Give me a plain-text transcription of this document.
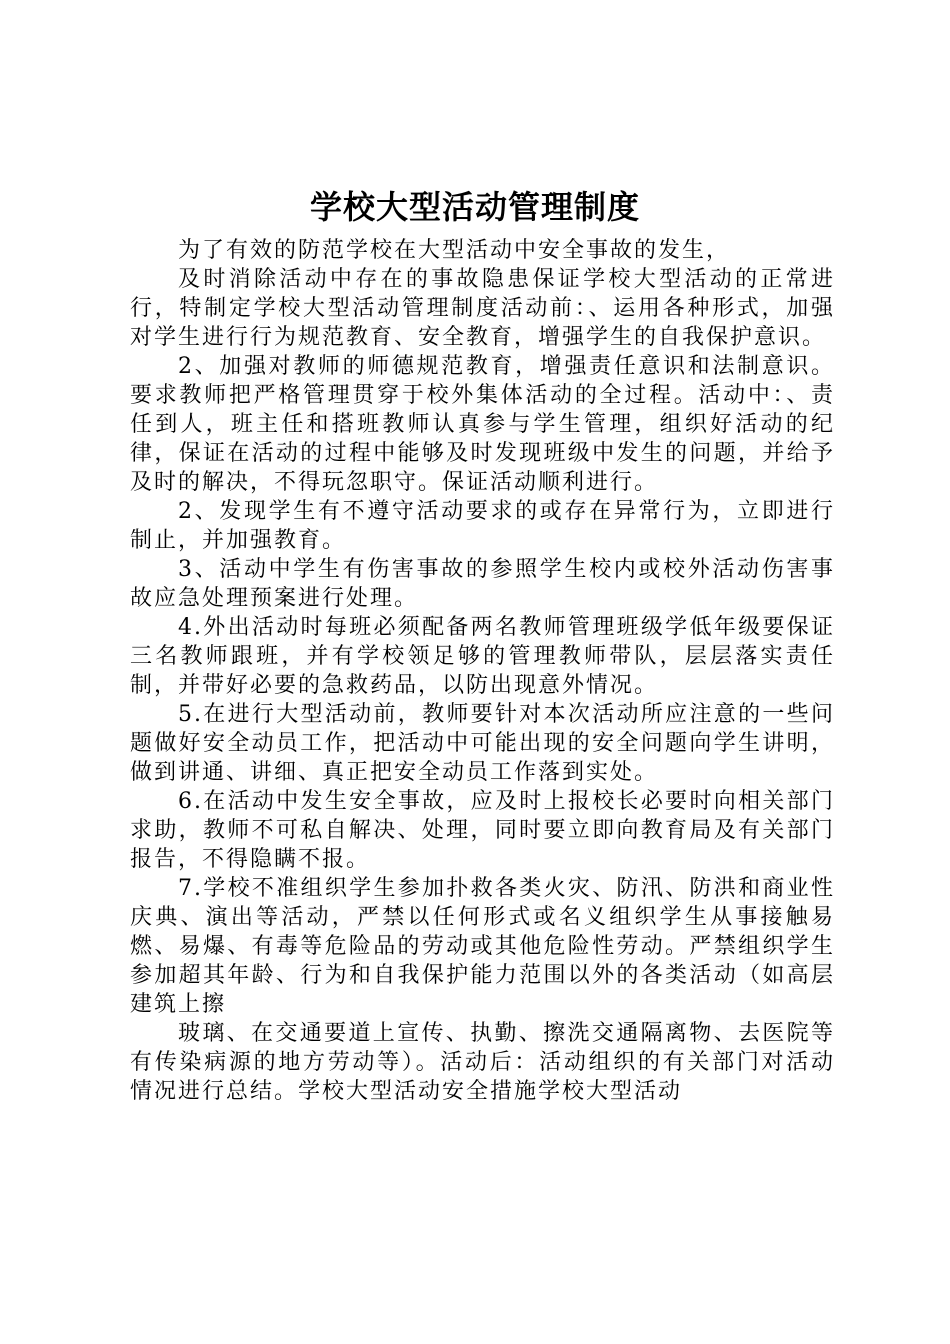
学校大型活动管理制度

为了有效的防范学校在大型活动中安全事故的发生，

及时消除活动中存在的事故隐患保证学校大型活动的正常进行，特制定学校大型活动管理制度活动前：、运用各种形式，加强对学生进行行为规范教育、安全教育，增强学生的自我保护意识。

2、加强对教师的师德规范教育，增强责任意识和法制意识。要求教师把严格管理贯穿于校外集体活动的全过程。活动中：、责任到人，班主任和搭班教师认真参与学生管理，组织好活动的纪律，保证在活动的过程中能够及时发现班级中发生的问题，并给予及时的解决，不得玩忽职守。保证活动顺利进行。

2、发现学生有不遵守活动要求的或存在异常行为，立即进行制止，并加强教育。

3、活动中学生有伤害事故的参照学生校内或校外活动伤害事故应急处理预案进行处理。

4.外出活动时每班必须配备两名教师管理班级学低年级要保证三名教师跟班，并有学校领足够的管理教师带队，层层落实责任制，并带好必要的急救药品，以防出现意外情况。

5.在进行大型活动前，教师要针对本次活动所应注意的一些问题做好安全动员工作，把活动中可能出现的安全问题向学生讲明，做到讲通、讲细、真正把安全动员工作落到实处。

6.在活动中发生安全事故，应及时上报校长必要时向相关部门求助，教师不可私自解决、处理，同时要立即向教育局及有关部门报告，不得隐瞒不报。

7.学校不准组织学生参加扑救各类火灾、防汛、防洪和商业性庆典、演出等活动，严禁以任何形式或名义组织学生从事接触易燃、易爆、有毒等危险品的劳动或其他危险性劳动。严禁组织学生参加超其年龄、行为和自我保护能力范围以外的各类活动（如高层建筑上擦

玻璃、在交通要道上宣传、执勤、擦洗交通隔离物、去医院等有传染病源的地方劳动等）。活动后：活动组织的有关部门对活动情况进行总结。学校大型活动安全措施学校大型活动
